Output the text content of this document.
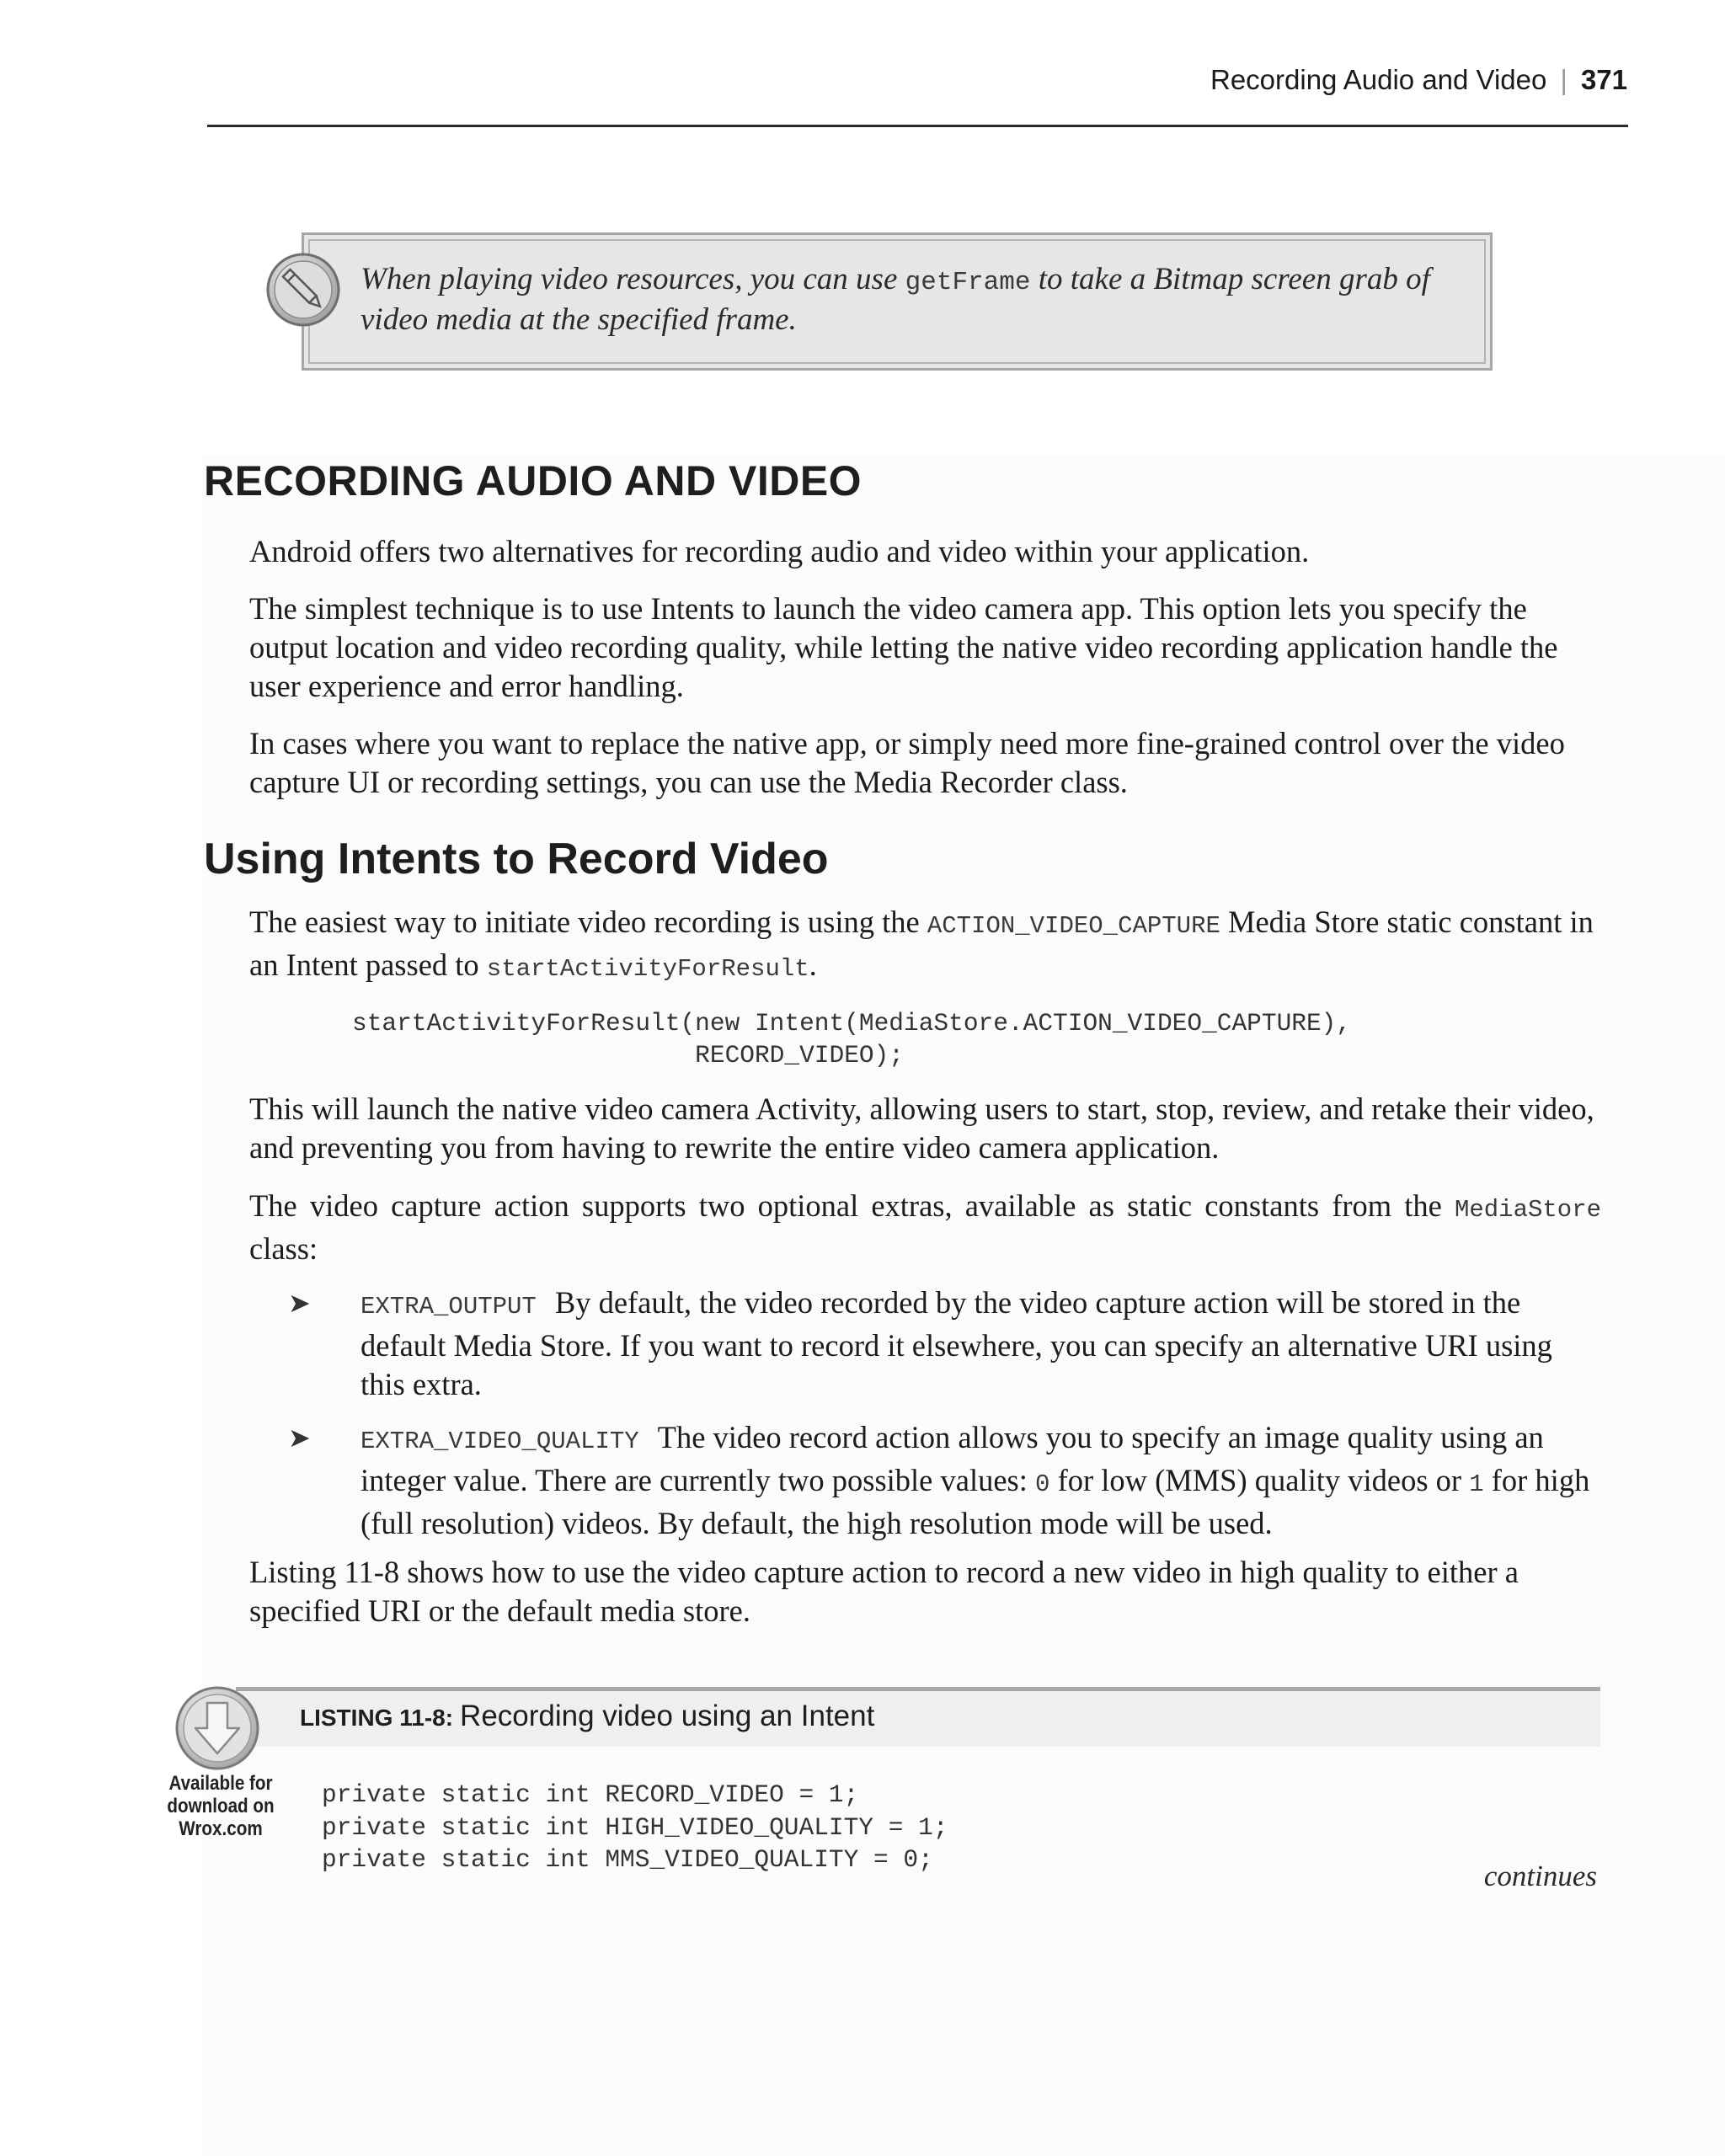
Recording Audio and Video | 371
When playing video resources, you can use getFrame to take a Bitmap screen grab of video media at the specified frame.
RECORDING AUDIO AND VIDEO

Android offers two alternatives for recording audio and video within your application.

The simplest technique is to use Intents to launch the video camera app. This option lets you specify the output location and video recording quality, while letting the native video recording application handle the user experience and error handling.

In cases where you want to replace the native app, or simply need more fine-grained control over the video capture UI or recording settings, you can use the Media Recorder class.

Using Intents to Record Video

The easiest way to initiate video recording is using the ACTION_VIDEO_CAPTURE Media Store static constant in an Intent passed to startActivityForResult.

startActivityForResult(new Intent(MediaStore.ACTION_VIDEO_CAPTURE),
RECORD_VIDEO);

This will launch the native video camera Activity, allowing users to start, stop, review, and retake their video, and preventing you from having to rewrite the entire video camera application.

The video capture action supports two optional extras, available as static constants from the MediaStore class:

➤ EXTRA_OUTPUT By default, the video recorded by the video capture action will be stored in the default Media Store. If you want to record it elsewhere, you can specify an alternative URI using this extra.
➤ EXTRA_VIDEO_QUALITY The video record action allows you to specify an image quality using an integer value. There are currently two possible values: 0 for low (MMS) quality videos or 1 for high (full resolution) videos. By default, the high resolution mode will be used.

Listing 11-8 shows how to use the video capture action to record a new video in high quality to either a specified URI or the default media store.

LISTING 11-8: Recording video using an Intent
Available for download on Wrox.com
private static int RECORD_VIDEO = 1;
private static int HIGH_VIDEO_QUALITY = 1;
private static int MMS_VIDEO_QUALITY = 0;	continues
